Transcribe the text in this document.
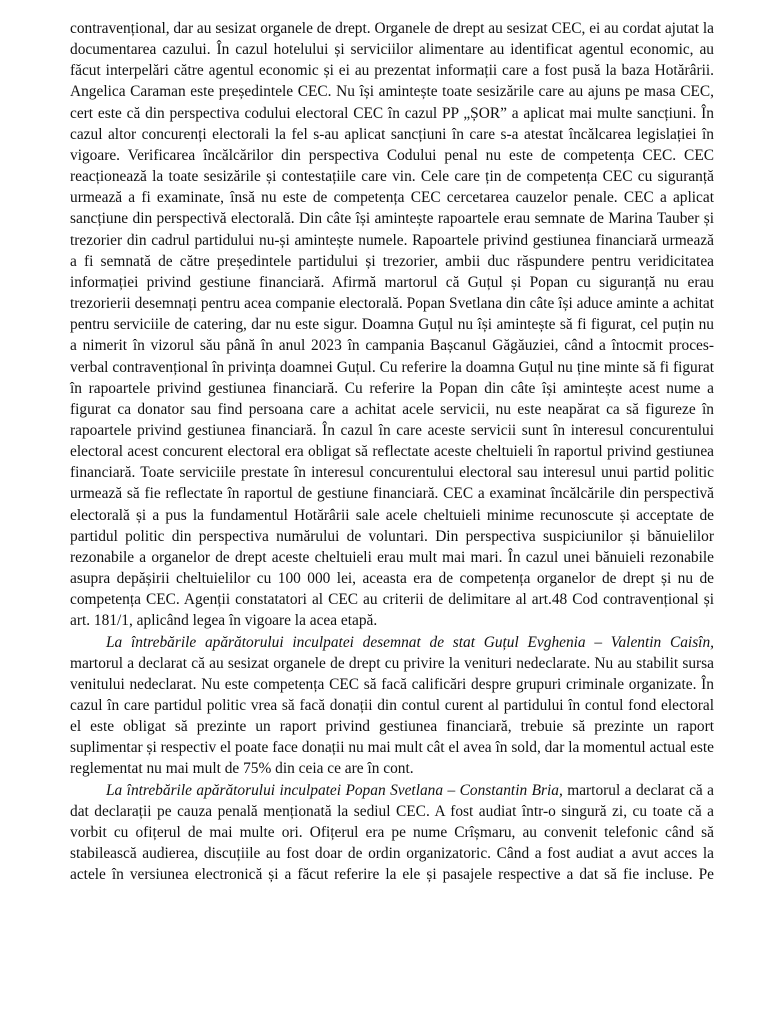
contravențional, dar au sesizat organele de drept. Organele de drept au sesizat CEC, ei au cordat ajutat la documentarea cazului. În cazul hotelului și serviciilor alimentare au identificat agentul economic, au făcut interpelări către agentul economic și ei au prezentat informații care a fost pusă la baza Hotărârii. Angelica Caraman este președintele CEC. Nu își amintește toate sesizările care au ajuns pe masa CEC, cert este că din perspectiva codului electoral CEC în cazul PP „ȘOR” a aplicat mai multe sancțiuni. În cazul altor concurenți electorali la fel s-au aplicat sancțiuni în care s-a atestat încălcarea legislației în vigoare. Verificarea încălcărilor din perspectiva Codului penal nu este de competența CEC. CEC reacționează la toate sesizările și contestațiile care vin. Cele care țin de competența CEC cu siguranță urmează a fi examinate, însă nu este de competența CEC cercetarea cauzelor penale. CEC a aplicat sancțiune din perspectivă electorală. Din câte își amintește rapoartele erau semnate de Marina Tauber și trezorier din cadrul partidului nu-și amintește numele. Rapoartele privind gestiunea financiară urmează a fi semnată de către președintele partidului și trezorier, ambii duc răspundere pentru veridicitatea informației privind gestiune financiară. Afirmă martorul că Guțul și Popan cu siguranță nu erau trezorierii desemnați pentru acea companie electorală. Popan Svetlana din câte își aduce aminte a achitat pentru serviciile de catering, dar nu este sigur. Doamna Guțul nu își amintește să fi figurat, cel puțin nu a nimerit în vizorul său până în anul 2023 în campania Bașcanul Găgăuziei, când a întocmit proces-verbal contravențional în privința doamnei Guțul. Cu referire la doamna Guțul nu ține minte să fi figurat în rapoartele privind gestiunea financiară. Cu referire la Popan din câte își amintește acest nume a figurat ca donator sau find persoana care a achitat acele servicii, nu este neapărat ca să figureze în rapoartele privind gestiunea financiară. În cazul în care aceste servicii sunt în interesul concurentului electoral acest concurent electoral era obligat să reflectate aceste cheltuieli în raportul privind gestiunea financiară. Toate serviciile prestate în interesul concurentului electoral sau interesul unui partid politic urmează să fie reflectate în raportul de gestiune financiară. CEC a examinat încălcările din perspectivă electorală și a pus la fundamentul Hotărârii sale acele cheltuieli minime recunoscute și acceptate de partidul politic din perspectiva numărului de voluntari. Din perspectiva suspiciunilor și bănuielilor rezonabile a organelor de drept aceste cheltuieli erau mult mai mari. În cazul unei bănuieli rezonabile asupra depășirii cheltuielilor cu 100 000 lei, aceasta era de competența organelor de drept și nu de competența CEC. Agenții constatatori al CEC au criterii de delimitare al art.48 Cod contravențional și art. 181/1, aplicând legea în vigoare la acea etapă.

La întrebările apărătorului inculpatei desemnat de stat Guțul Evghenia – Valentin Caisîn, martorul a declarat că au sesizat organele de drept cu privire la venituri nedeclarate. Nu au stabilit sursa venitului nedeclarat. Nu este competența CEC să facă calificări despre grupuri criminale organizate. În cazul în care partidul politic vrea să facă donații din contul curent al partidului în contul fond electoral el este obligat să prezinte un raport privind gestiunea financiară, trebuie să prezinte un raport suplimentar și respectiv el poate face donații nu mai mult cât el avea în sold, dar la momentul actual este reglementat nu mai mult de 75% din ceia ce are în cont.

La întrebările apărătorului inculpatei Popan Svetlana – Constantin Bria, martorul a declarat că a dat declarații pe cauza penală menționată la sediul CEC. A fost audiat într-o singură zi, cu toate că a vorbit cu ofițerul de mai multe ori. Ofițerul era pe nume Crîșmaru, au convenit telefonic când să stabilească audierea, discuțiile au fost doar de ordin organizatoric. Când a fost audiat a avut acces la actele în versiunea electronică și a făcut referire la ele și pasajele respective a dat să fie incluse. Pe
